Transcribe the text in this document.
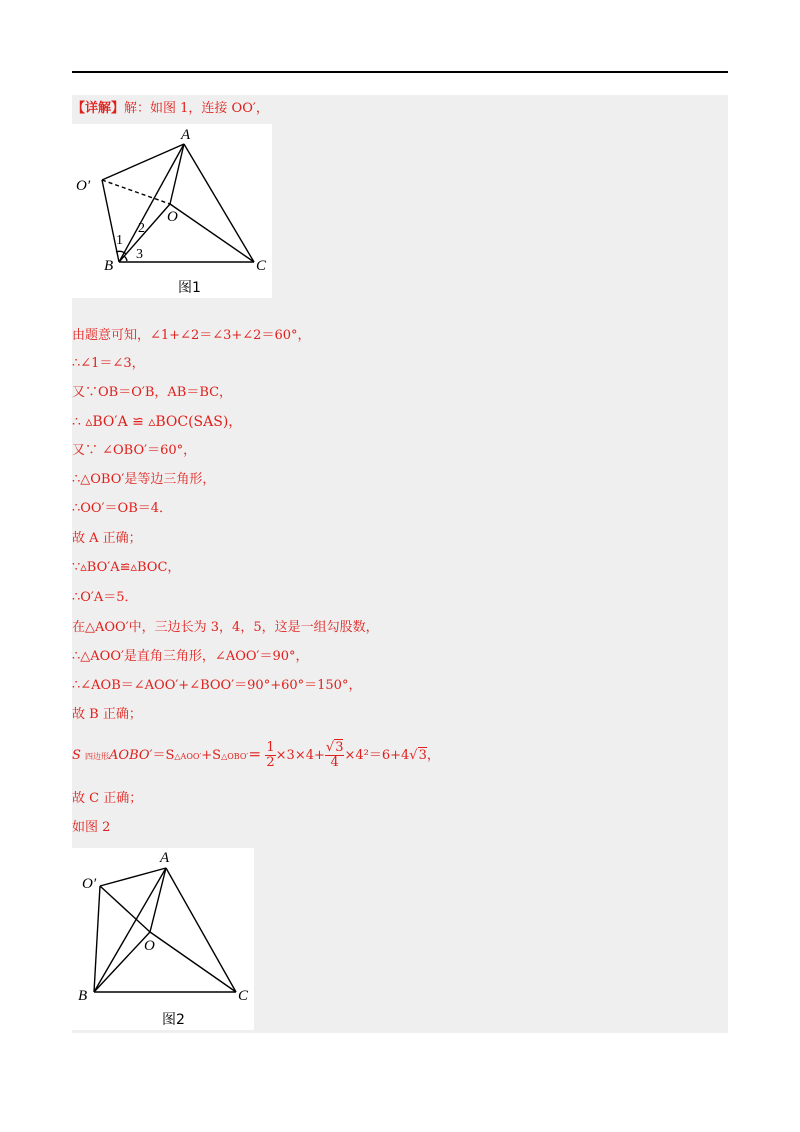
【详解】解：如图 1，连接 OO′，
A
O′
O
B	C
1
2
3
图1
由题意可知，∠1+∠2＝∠3+∠2＝60°，
∴∠1＝∠3，
又∵OB＝O′B，AB＝BC，
∴ ▵BO′A ≌ ▵BOC(SAS)，
又∵ ∠OBO′＝60°，
∴△OBO′是等边三角形，
∴OO′＝OB＝4．
故 A 正确；
∵▵BO′A≌▵BOC，
∴O′A＝5．
在△AOO′中，三边长为 3，4，5，这是一组勾股数，
∴△AOO′是直角三角形，∠AOO′＝90°，
∴∠AOB＝∠AOO′+∠BOO′＝90°+60°＝150°，
故 B 正确；
S 四边形AOBO′＝S△AOO′+S△OBO′＝ $\frac{1}{2} \times 3\times 4+ \frac{√3}{4} \times 4^2=6+4√3$，
故 C 正确；
如图 2
A
O′
O
B	C
图2
